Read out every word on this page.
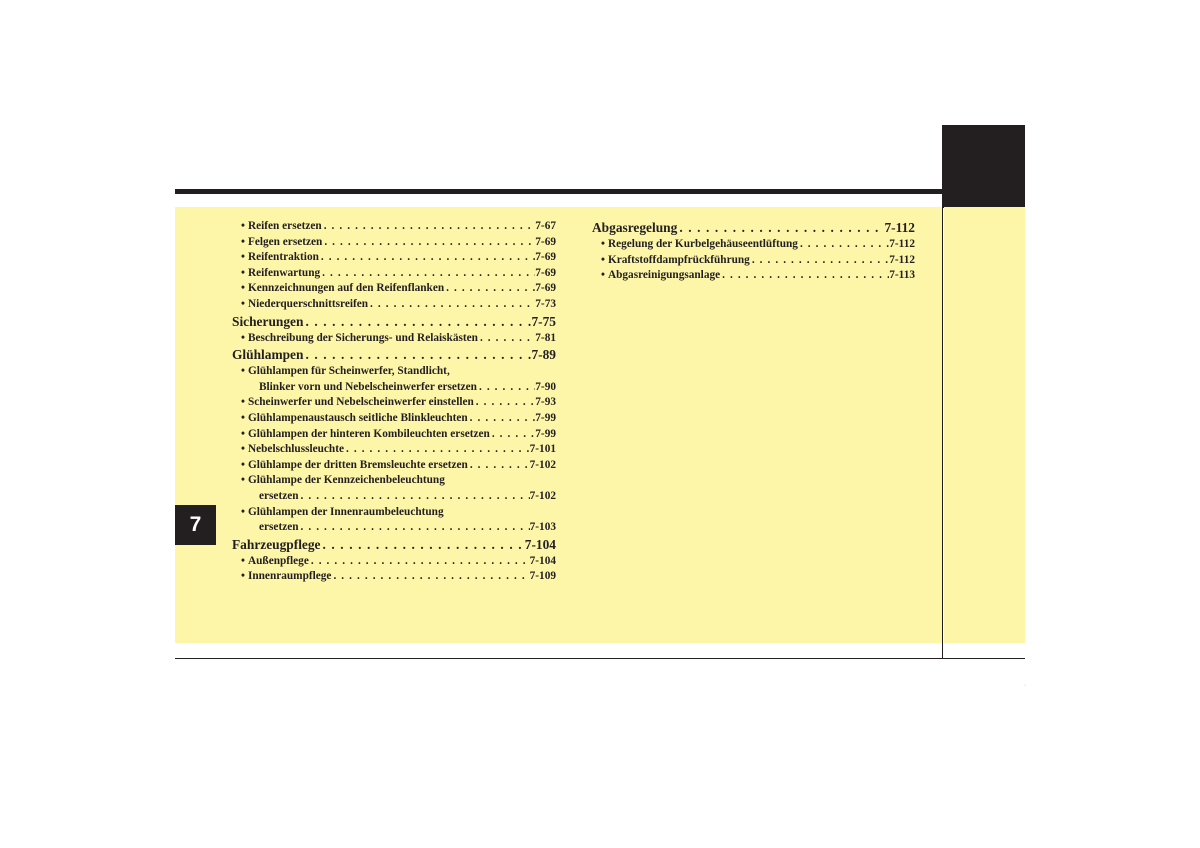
7
·
• Reifen ersetzen . . .	7-67
• Felgen ersetzen . . .	7-69
• Reifentraktion . . .	7-69
• Reifenwartung . . .	7-69
• Kennzeichnungen auf den Reifenflanken . . .	7-69
• Niederquerschnittsreifen . . .	7-73
Sicherungen . . .	7-75
• Beschreibung der Sicherungs- und Relaiskästen . . .	7-81
Glühlampen . . .	7-89
• Glühlampen für Scheinwerfer, Standlicht,
Blinker vorn und Nebelscheinwerfer ersetzen . . .	7-90
• Scheinwerfer und Nebelscheinwerfer einstellen . . .	7-93
• Glühlampenaustausch seitliche Blinkleuchten . . .	7-99
• Glühlampen der hinteren Kombileuchten ersetzen . . .	7-99
• Nebelschlussleuchte . . .	7-101
• Glühlampe der dritten Bremsleuchte ersetzen . . .	7-102
• Glühlampe der Kennzeichenbeleuchtung
ersetzen . . .	7-102
• Glühlampen der Innenraumbeleuchtung
ersetzen . . .	7-103
Fahrzeugpflege . . .	7-104
• Außenpflege . . .	7-104
• Innenraumpflege . . .	7-109
Abgasregelung . . .	7-112
• Regelung der Kurbelgehäuseentlüftung . . .	7-112
• Kraftstoffdampfrückführung . . .	7-112
• Abgasreinigungsanlage . . .	7-113
